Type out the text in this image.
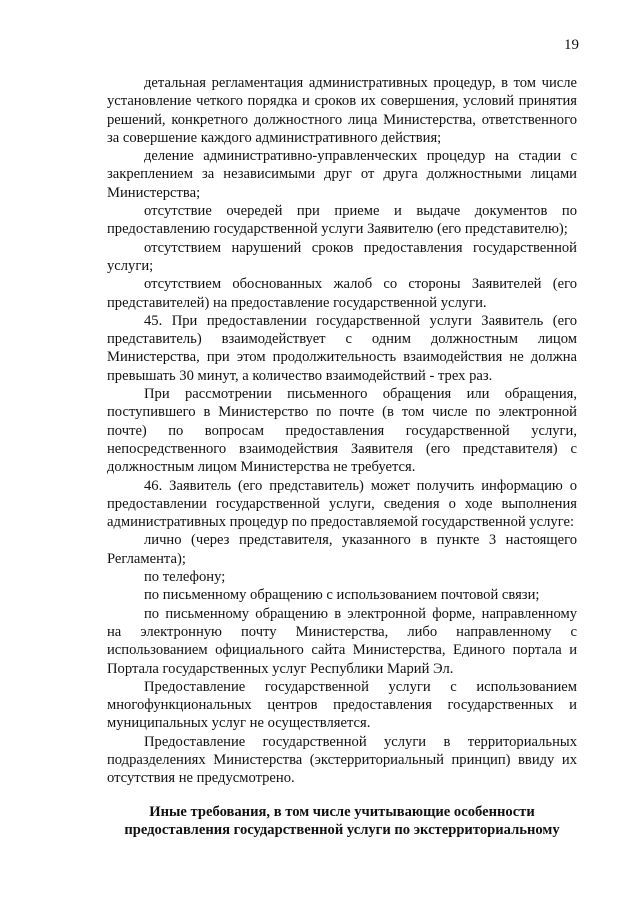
19

детальная регламентация административных процедур, в том числе установление четкого порядка и сроков их совершения, условий принятия решений, конкретного должностного лица Министерства, ответственного за совершение каждого административного действия;

деление административно-управленческих процедур на стадии с закреплением за независимыми друг от друга должностными лицами Министерства;

отсутствие очередей при приеме и выдаче документов по предоставлению государственной услуги Заявителю (его представителю);

отсутствием нарушений сроков предоставления государственной услуги;

отсутствием обоснованных жалоб со стороны Заявителей (его представителей) на предоставление государственной услуги.

45. При предоставлении государственной услуги Заявитель (его представитель) взаимодействует с одним должностным лицом Министерства, при этом продолжительность взаимодействия не должна превышать 30 минут, а количество взаимодействий - трех раз.

При рассмотрении письменного обращения или обращения, поступившего в Министерство по почте (в том числе по электронной почте) по вопросам предоставления государственной услуги, непосредственного взаимодействия Заявителя (его представителя) с должностным лицом Министерства не требуется.

46. Заявитель (его представитель) может получить информацию о предоставлении государственной услуги, сведения о ходе выполнения административных процедур по предоставляемой государственной услуге:

лично (через представителя, указанного в пункте 3 настоящего Регламента);

по телефону;

по письменному обращению с использованием почтовой связи;

по письменному обращению в электронной форме, направленному на электронную почту Министерства, либо направленному с использованием официального сайта Министерства, Единого портала и Портала государственных услуг Республики Марий Эл.

Предоставление государственной услуги с использованием многофункциональных центров предоставления государственных и муниципальных услуг не осуществляется.

Предоставление государственной услуги в территориальных подразделениях Министерства (экстерриториальный принцип) ввиду их отсутствия не предусмотрено.

Иные требования, в том числе учитывающие особенности
предоставления государственной услуги по экстерриториальному
